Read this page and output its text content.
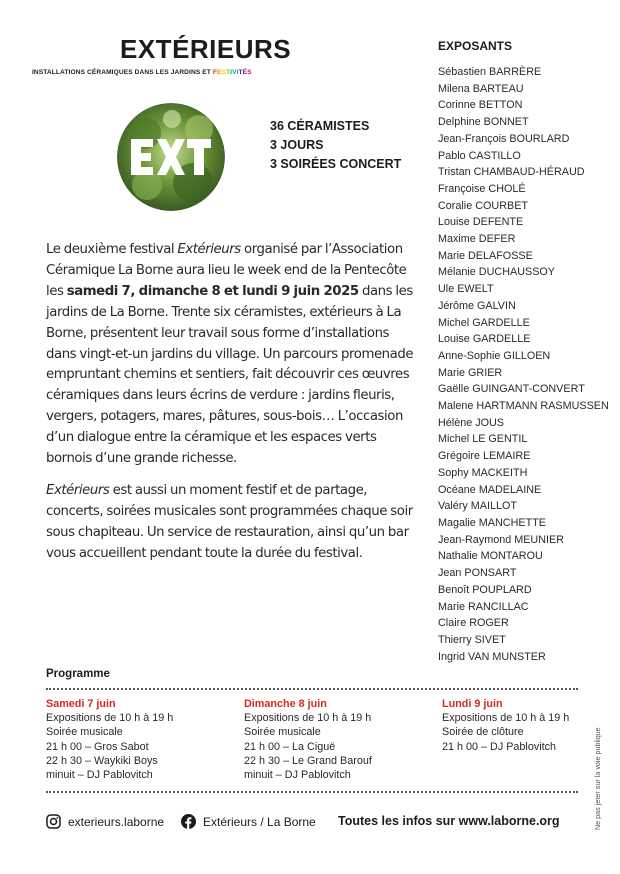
EXTÉRIEURS
INSTALLATIONS CÉRAMIQUES DANS LES JARDINS ET FESTIVITÉS
36 CÉRAMISTES
3 JOURS
3 SOIRÉES CONCERT

Le deuxième festival Extérieurs organisé par l’Association Céramique La Borne aura lieu le week end de la Pentecôte les samedi 7, dimanche 8 et lundi 9 juin 2025 dans les jardins de La Borne. Trente six céramistes, extérieurs à La Borne, présentent leur travail sous forme d’installations dans vingt-et-un jardins du village. Un parcours promenade empruntant chemins et sentiers, fait découvrir ces œuvres céramiques dans leurs écrins de verdure : jardins fleuris, vergers, potagers, mares, pâtures, sous-bois… L’occasion d’un dialogue entre la céramique et les espaces verts bornois d’une grande richesse.

Extérieurs est aussi un moment festif et de partage, concerts, soirées musicales sont programmées chaque soir sous chapiteau. Un service de restauration, ainsi qu’un bar vous accueillent pendant toute la durée du festival.

EXPOSANTS
Sébastien BARRÈRE
Milena BARTEAU
Corinne BETTON
Delphine BONNET
Jean-François BOURLARD
Pablo CASTILLO
Tristan CHAMBAUD-HÉRAUD
Françoise CHOLÉ
Coralie COURBET
Louise DEFENTE
Maxime DEFER
Marie DELAFOSSE
Mélanie DUCHAUSSOY
Ule EWELT
Jérôme GALVIN
Michel GARDELLE
Louise GARDELLE
Anne-Sophie GILLOEN
Marie GRIER
Gaëlle GUINGANT-CONVERT
Malene HARTMANN RASMUSSEN
Hélène JOUS
Michel LE GENTIL
Grégoire LEMAIRE
Sophy MACKEITH
Océane MADELAINE
Valéry MAILLOT
Magalie MANCHETTE
Jean-Raymond MEUNIER
Nathalie MONTAROU
Jean PONSART
Benoît POUPLARD
Marie RANCILLAC
Claire ROGER
Thierry SIVET
Ingrid VAN MUNSTER
Programme
Samedi 7 juin
Expositions de 10 h à 19 h
Soirée musicale
21 h 00 – Gros Sabot
22 h 30 – Waykiki Boys
minuit – DJ Pablovitch
Dimanche 8 juin
Expositions de 10 h à 19 h
Soirée musicale
21 h 00 – La Ciguë
22 h 30 – Le Grand Barouf
minuit – DJ Pablovitch
Lundi 9 juin
Expositions de 10 h à 19 h
Soirée de clôture
21 h 00 – DJ Pablovitch
exterieurs.laborne	Extérieurs / La Borne Toutes les infos sur www.laborne.org	Ne pas jeter sur la voie publique
